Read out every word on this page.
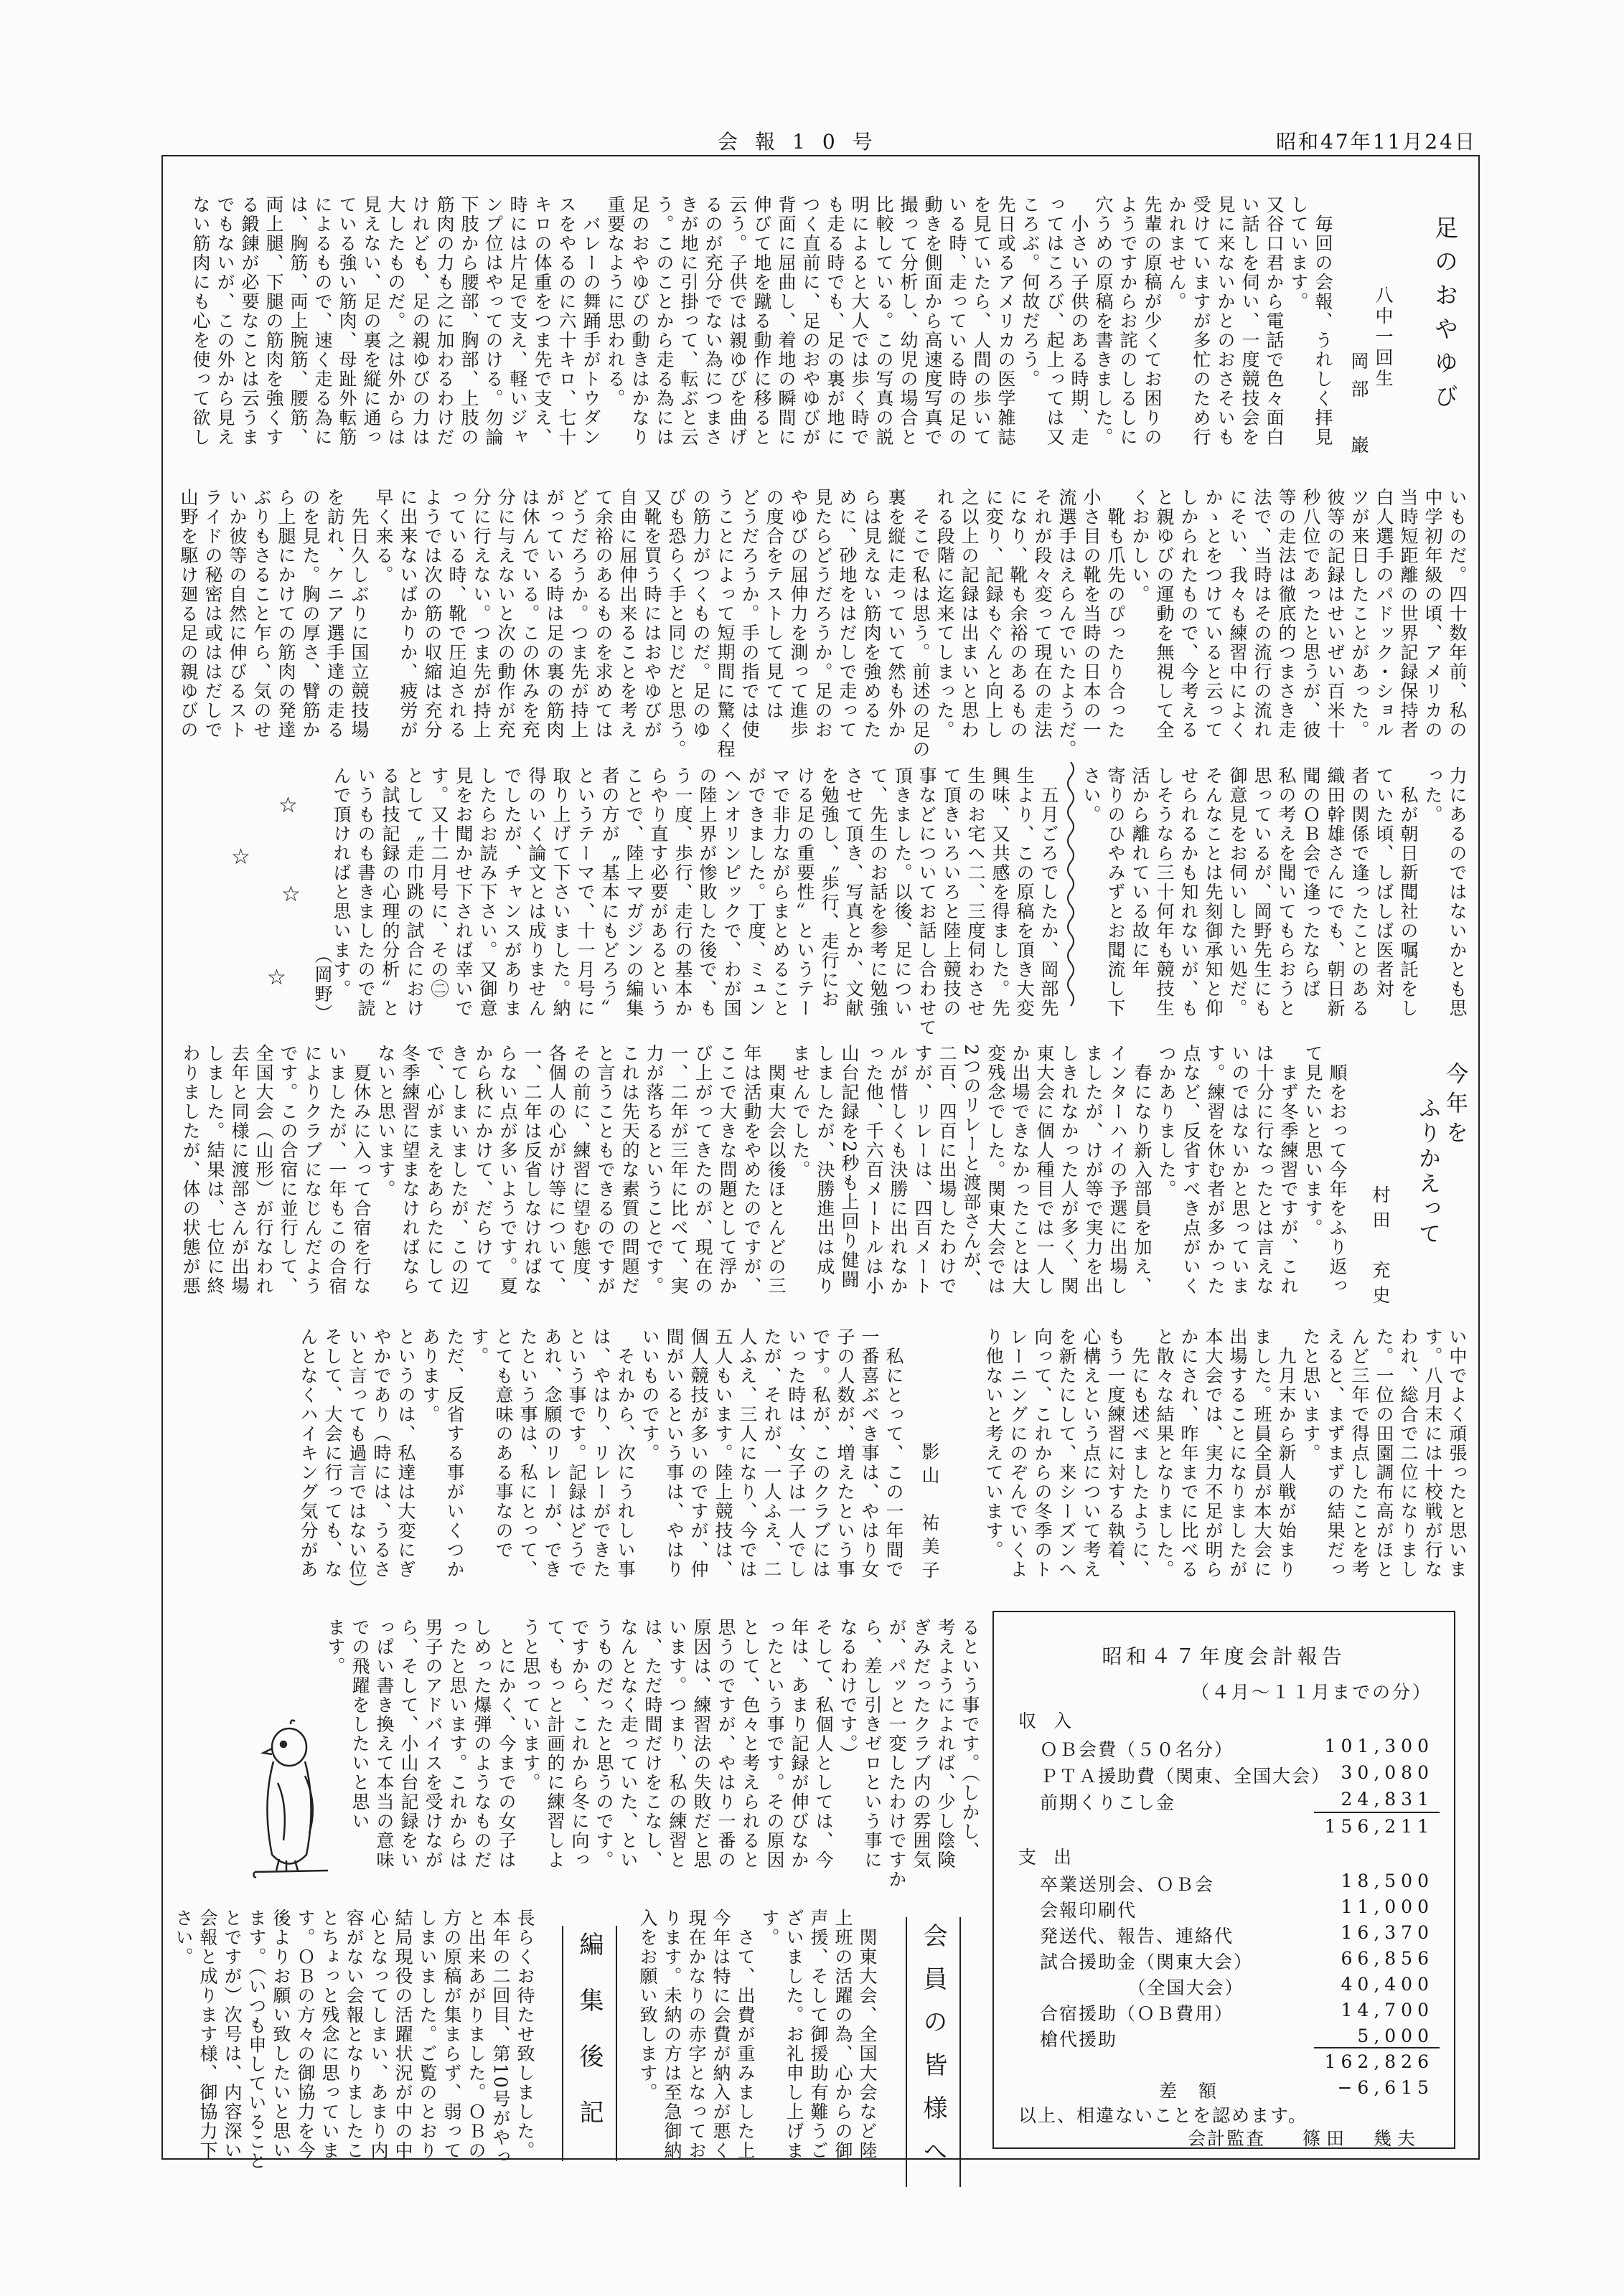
会報10号	昭和47年11月24日
足のおやゆび
八中一回生
岡部　巌
　毎回の会報、うれしく拝見
しています。
又谷口君から電話で色々面白
い話しを伺い、一度競技会を
見に来ないかとのおさそいも
受けていますが多忙のため行
かれません。
先輩の原稿が少くてお困りの
ようですからお詫のしるしに
穴うめの原稿を書きました。
　小さい子供のある時期、走
ってはころび、起上っては又
ころぶ。何故だろう。
先日或るアメリカの医学雑誌
を見ていたら、人間の歩いて
いる時、走っている時の足の
動きを側面から高速度写真で
撮って分析し、幼児の場合と
比較している。この写真の説
明によると大人では歩く時で
も走る時でも、足の裏が地に
つく直前に、足のおやゆびが
背面に屈曲し、着地の瞬間に
伸びて地を蹴る動作に移ると
云う。子供では親ゆびを曲げ
るのが充分でない為につまさ
きが地に引掛って、転ぶと云
う。このことから走る為には
足のおやゆびの動きはかなり
重要なように思われる。
　バレーの舞踊手がトウダン
スをやるのに六十キロ、七十
キロの体重をつま先で支え、
時には片足で支え、軽いジャ
ンプ位はやってのける。勿論
下肢から腰部、胸部、上肢の
筋肉の力も之に加わるわけだ
けれども、足の親ゆびの力は
大したものだ。之は外からは
見えない、足の裏を縦に通っ
ている強い筋肉、母趾外転筋
によるもので、速く走る為に
は、胸筋、両上腕筋、腰筋、
両上腿、下腿の筋肉を強くす
る鍛錬が必要なことは云うま
でもないが、この外から見え
ない筋肉にも心を使って欲し
いものだ。四十数年前、私の
中学初年級の頃、アメリカの
当時短距離の世界記録保持者
白人選手のパドック・ショル
ツが来日したことがあった。
彼等の記録はせいぜい百米十
秒八位であったと思うが、彼
等の走法は徹底的つまさき走
法で、当時はその流行の流れ
にそい、我々も練習中によく
かゝとをつけていると云って
しかられたもので、今考える
と親ゆびの運動を無視して全
くおかしい。
　靴も爪先のぴったり合った
小さ目の靴を当時の日本の一
流選手はえらんでいたようだ。
それが段々変って現在の走法
になり、靴も余裕のあるもの
に変り、記録もぐんと向上し
之以上の記録は出まいと思わ
れる段階に迄来てしまった。
　そこで私は思う。前述の足の
裏を縦に走っていて然も外か
らは見えない筋肉を強めるた
めに、砂地をはだしで走って
見たらどうだろうか。足のお
やゆびの屈伸力を測って進歩
の度合をテストして見ては
どうだろうか。手の指では使
うことによって短期間に驚く程
の筋力がつくものだ。足のゆ
びも恐らく手と同じだと思う。
又靴を買う時にはおやゆびが
自由に屈伸出来ることを考え
て余裕のあるものを求めては
どうだろうか。つま先が持上
がっている時は足の裏の筋肉
は休んでいる。この休みを充
分に与えないと次の動作が充
分に行えない。つま先が持上
っている時、靴で圧迫される
ようでは次の筋の収縮は充分
に出来ないばかりか、疲労が
早く来る。
　先日久しぶりに国立競技場
を訪れ、ケニア選手達の走る
のを見た。胸の厚さ、臂筋か
ら上腿にかけての筋肉の発達
ぶりもさること乍ら、気のせ
いか彼等の自然に伸びるスト
ライドの秘密は或ははだしで
山野を駆け廻る足の親ゆびの
力にあるのではないかとも思
った。
　私が朝日新聞社の嘱託をし
ていた頃、しばしば医者対
者の関係で逢ったことのある
織田幹雄さんにでも、朝日新
聞のＯＢ会で逢ったならば
私の考えを聞いてもらおうと
思っているが、岡野先生にも
御意見をお伺いしたい処だ。
そんなことは先刻御承知と仰
せられるかも知れないが、も
しそうなら三十何年も競技生
活から離れている故に年
寄りのひやみずとお聞流し下
さい。
　五月ごろでしたか、岡部先
生より、この原稿を頂き大変
興味、又共感を得ました。先
生のお宅へ二、三度伺わさせ
て頂きいろいろと陸上競技の
事などについてお話し合わせて
頂きました。以後、足につい
て、先生のお話を参考に勉強
させて頂き、写真とか、文献
を勉強し、〝歩行、走行にお
ける足の重要性〟というテー
マで非力ながらまとめること
ができました。丁度、ミュン
ヘンオリンピックで、わが国
の陸上界が惨敗した後で、も
う一度、歩行、走行の基本か
らやり直す必要があるという
ことで、陸上マガジンの編集
者の方が〝基本にもどろう〟
というテーマで、十一月号に
取り上げて下さいました。納
得のいく論文とは成りません
でしたが、チャンスがありま
したらお読み下さい。又御意
見をお聞かせ下されば幸いで
す。又十二月号に、その㊁
として〝走巾跳の試合におけ
る試技記録の心理的分析〟と
いうものも書きましたので読
んで頂ければと思います。
（岡野）
☆
☆
☆
☆
今年を
ふりかえって
村田　充史
　順をおって今年をふり返っ
て見たいと思います。
　まず冬季練習ですが、これ
は十分に行なったとは言えな
いのではないかと思っていま
す。練習を休む者が多かった
点など、反省すべき点がいく
つかありました。
　春になり新入部員を加え、
インターハイの予選に出場し
ましたが、けが等で実力を出
しきれなかった人が多く、関
東大会に個人種目では一人し
か出場できなかったことは大
変残念でした。関東大会では
2つのリレーと渡部さんが、
二百、四百に出場したわけで
すが、リレーは、四百メート
ルが惜しくも決勝に出れなか
った他、千六百メートルは小
山台記録を2秒も上回り健闘
しましたが、決勝進出は成り
ませんでした。
　関東大会以後ほとんどの三
年は活動をやめたのですが、
ここで大きな問題として浮か
び上がってきたのが、現在の
一、二年が三年に比べて、実
力が落ちるということです。
これは先天的な素質の問題だ
と言うこともできるのですが
その前に、練習に望む態度、
各個人の心がけ等について、
一、二年は反省しなければな
らない点が多いようです。夏
から秋にかけて、だらけて
きてしまいましたが、この辺
で、心がまえをあらたにして
冬季練習に望まなければなら
ないと思います。
　夏休みに入って合宿を行な
いましたが、一年もこの合宿
によりクラブになじんだよう
です。この合宿に並行して、
全国大会（山形）が行なわれ
去年と同様に渡部さんが出場
しました。結果は、七位に終
わりましたが、体の状態が悪
い中でよく頑張ったと思いま
す。八月末には十校戦が行な
われ、総合で二位になりまし
た。一位の田園調布高がほと
んど三年で得点したことを考
えると、まずまずの結果だっ
たと思います。
　九月末から新人戦が始まり
ました。班員全員が本大会に
出場することになりましたが
本大会では、実力不足が明ら
かにされ、昨年までに比べる
と散々な結果となりました。
　先にも述べましたように、
もう一度練習に対する執着、
心構えという点について考え
を新たにして、来シーズンへ
向って、これからの冬季のト
レーニングにのぞんでいくよ
り他ないと考えています。
影山　祐美子
　私にとって、この一年間で
一番喜ぶべき事は、やはり女
子の人数が、増えたという事
です。私が、このクラブには
いった時は、女子は一人でし
たが、それが、一人ふえ、二
人ふえ、三人になり、今では
五人もいます。陸上競技は、
個人競技が多いのですが、仲
間がいるという事は、やはり
いいものです。
　それから、次にうれしい事
は、やはり、リレーができた
という事です。記録はどうで
あれ、念願のリレーが、でき
たという事は、私にとって、
とても意味のある事なので
す。
ただ、反省する事がいくつか
あります。
というのは、私達は大変にぎ
やかであり（時には、うるさ
いと言っても過言ではない位）
そして、大会に行っても、な
んとなくハイキング気分があ
るという事です。（しかし、
考えようによれば、少し陰険
ぎみだったクラブ内の雰囲気
が、パッと一変したわけですか
ら、差し引きゼロという事に
なるわけです。）
そして、私個人としては、今
年は、あまり記録が伸びなか
ったという事です。その原因
として、色々と考えられると
思うのですが、やはり一番の
原因は、練習法の失敗だと思
います。つまり、私の練習と
は、ただ時間だけをこなし、
なんとなく走っていた、とい
うものだったと思うのです。
ですから、これから冬に向っ
て、もっと計画的に練習しよ
うと思っています。
　とにかく、今までの女子は
しめった爆弾のようなものだ
ったと思います。これからは
男子のアドバイスを受けなが
ら、そして、小山台記録をい
っぱい書き換えて本当の意味
での飛躍をしたいと思い
ます。	昭和４７年度会計報告
（４月〜１１月までの分）
収入
ＯＢ会費（５０名分）	101,300
ＰＴＡ援助費（関東、全国大会） 30,080
前期くりこし金	24,831
156,211
支出
卒業送別会、ＯＢ会	18,500
会報印刷代	11,000
発送代、報告、連絡代	16,370
試合援助金（関東大会）	66,856
　　　　　（全国大会）	40,400
合宿援助（ＯＢ費用）	14,700
槍代援助	5,000
162,826
差額	−6,615
以上、相違ないことを認めます。
会計監査 篠田　幾夫
会員の皆様へ
　関東大会、全国大会など陸
上班の活躍の為、心からの御
声援、そして御援助有難うご
ざいました。お礼申し上げま
す。
　さて、出費が重みました上
今年は特に会費が納入が悪く
現在かなりの赤字となってお
ります。未納の方は至急御納
入をお願い致します。
編集後記
長らくお待たせ致しました。
本年の二回目、第10号がやっ
と出来あがりました。ＯＢの
方の原稿が集まらず、弱って
しまいました。ご覧のとおり
結局現役の活躍状況が中の中
心となってしまい、あまり内
容がない会報となりましたこ
とちょっと残念に思っていま
す。ＯＢの方々の御協力を今
後よりお願い致したいと思い
ます。（いつも申していること
とですが）次号は、内容深い
会報と成ります様、御協力下
さい。
